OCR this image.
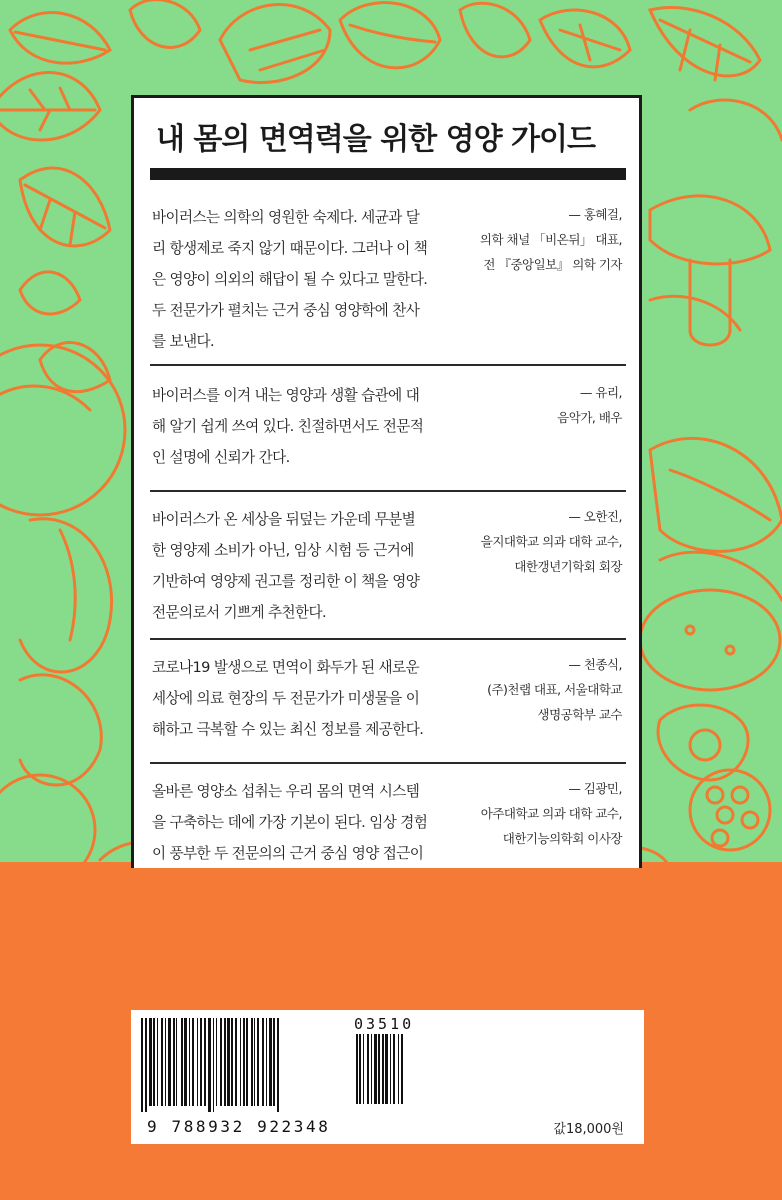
내 몸의 면역력을 위한 영양 가이드
바이러스는 의학의 영원한 숙제다. 세균과 달
리 항생제로 죽지 않기 때문이다. 그러나 이 책
은 영양이 의외의 해답이 될 수 있다고 말한다.
두 전문가가 펼치는 근거 중심 영양학에 찬사
를 보낸다.
— 홍혜걸,
의학 채널 「비온뒤」 대표,
전 『중앙일보』 의학 기자
바이러스를 이겨 내는 영양과 생활 습관에 대
해 알기 쉽게 쓰여 있다. 친절하면서도 전문적
인 설명에 신뢰가 간다.
— 유리,
음악가, 배우
바이러스가 온 세상을 뒤덮는 가운데 무분별
한 영양제 소비가 아닌, 임상 시험 등 근거에
기반하여 영양제 권고를 정리한 이 책을 영양
전문의로서 기쁘게 추천한다.
— 오한진,
을지대학교 의과 대학 교수,
대한갱년기학회 회장
코로나19 발생으로 면역이 화두가 된 새로운
세상에 의료 현장의 두 전문가가 미생물을 이
해하고 극복할 수 있는 최신 정보를 제공한다.
— 천종식,
(주)천랩 대표, 서울대학교
생명공학부 교수
올바른 영양소 섭취는 우리 몸의 면역 시스템
을 구축하는 데에 가장 기본이 된다. 임상 경험
이 풍부한 두 전문의의 근거 중심 영양 접근이
— 김광민,
아주대학교 의과 대학 교수,
대한기능의학회 이사장
03510
9 788932 922348	값18,000원
